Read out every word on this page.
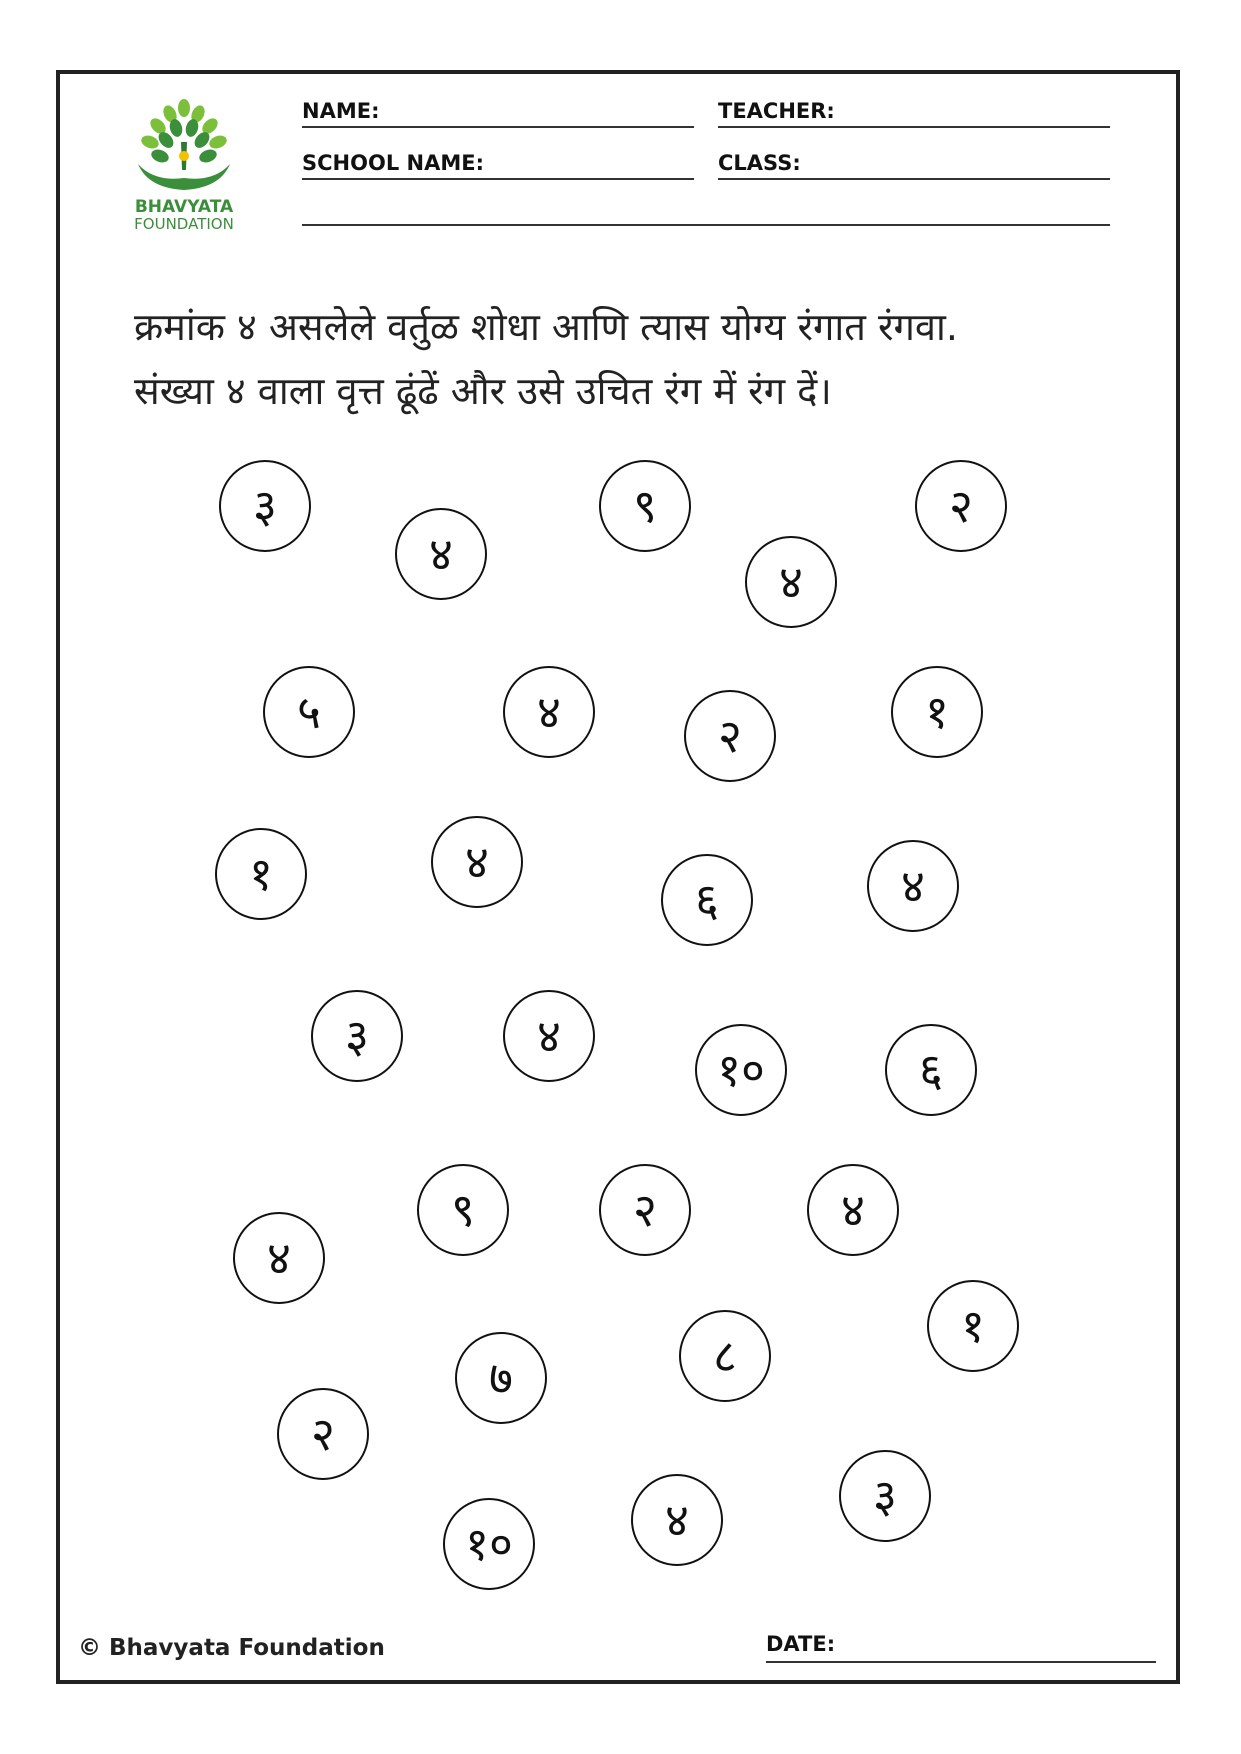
BHAVYATA
FOUNDATION
NAME:	TEACHER:
SCHOOL NAME:	CLASS:
क्रमांक ४ असलेले वर्तुळ शोधा आणि त्यास योग्य रंगात रंगवा.
संख्या ४ वाला वृत्त ढूंढें और उसे उचित रंग में रंग दें।
३
४
९
४
२
५	४	२	१
१	४
६	४
३	४
१०	६
४
९	२	४
७	८
१
२
१०	४	३
© Bhavyata Foundation	DATE:
